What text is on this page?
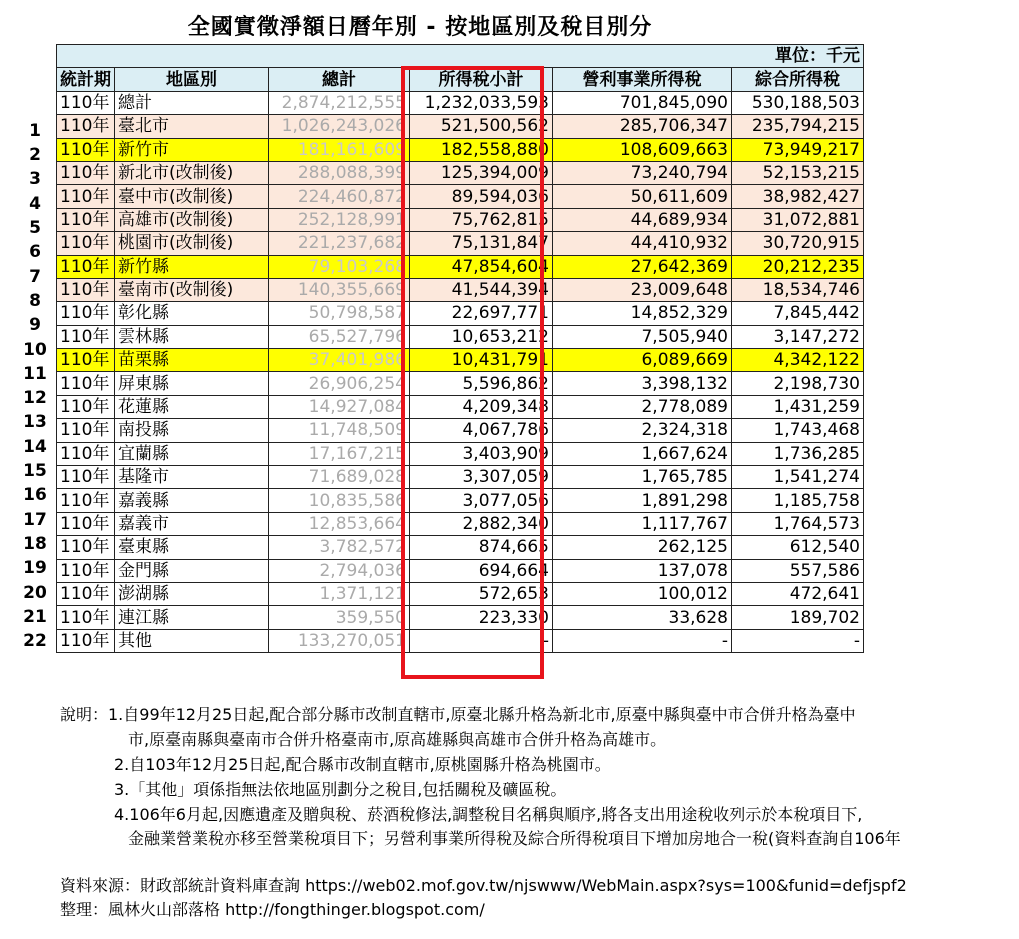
全國實徵淨額日曆年別 - 按地區別及稅目別分
單位：千元					
統計期	地區別	總計	所得稅小計	營利事業所得稅	綜合所得稅
110年	總計	2,874,212,555	1,232,033,593	701,845,090	530,188,503
110年	臺北市	1,026,243,026	521,500,562	285,706,347	235,794,215
110年	新竹市	181,161,609	182,558,880	108,609,663	73,949,217
110年	新北市(改制後)	288,088,399	125,394,009	73,240,794	52,153,215
110年	臺中市(改制後)	224,460,872	89,594,036	50,611,609	38,982,427
110年	高雄市(改制後)	252,128,991	75,762,815	44,689,934	31,072,881
110年	桃園市(改制後)	221,237,682	75,131,847	44,410,932	30,720,915
110年	新竹縣	79,103,268	47,854,604	27,642,369	20,212,235
110年	臺南市(改制後)	140,355,669	41,544,394	23,009,648	18,534,746
110年	彰化縣	50,798,587	22,697,771	14,852,329	7,845,442
110年	雲林縣	65,527,796	10,653,212	7,505,940	3,147,272
110年	苗栗縣	37,401,986	10,431,791	6,089,669	4,342,122
110年	屏東縣	26,906,254	5,596,862	3,398,132	2,198,730
110年	花蓮縣	14,927,084	4,209,348	2,778,089	1,431,259
110年	南投縣	11,748,509	4,067,786	2,324,318	1,743,468
110年	宜蘭縣	17,167,215	3,403,909	1,667,624	1,736,285
110年	基隆市	71,689,028	3,307,059	1,765,785	1,541,274
110年	嘉義縣	10,835,586	3,077,056	1,891,298	1,185,758
110年	嘉義市	12,853,664	2,882,340	1,117,767	1,764,573
110年	臺東縣	3,782,572	874,665	262,125	612,540
110年	金門縣	2,794,036	694,664	137,078	557,586
110年	澎湖縣	1,371,121	572,653	100,012	472,641
110年	連江縣	359,550	223,330	33,628	189,702
110年	其他	133,270,051	-	-	-
1
2
3
4
5
6
7
8
9
10
11
12
13
14
15
16
17
18
19
20
21
22
說明：1.自99年12月25日起,配合部分縣市改制直轄市,原臺北縣升格為新北市,原臺中縣與臺中市合併升格為臺中
市,原臺南縣與臺南市合併升格臺南市,原高雄縣與高雄市合併升格為高雄市。
2.自103年12月25日起,配合縣市改制直轄市,原桃園縣升格為桃園市。
3.「其他」項係指無法依地區別劃分之稅目,包括關稅及礦區稅。
4.106年6月起,因應遺產及贈與稅、菸酒稅修法,調整稅目名稱與順序,將各支出用途稅收列示於本稅項目下,
金融業營業稅亦移至營業稅項目下；另營利事業所得稅及綜合所得稅項目下增加房地合一稅(資料查詢自106年
資料來源：財政部統計資料庫查詢 https://web02.mof.gov.tw/njswww/WebMain.aspx?sys=100&funid=defjspf2
整理：風林火山部落格 http://fongthinger.blogspot.com/
